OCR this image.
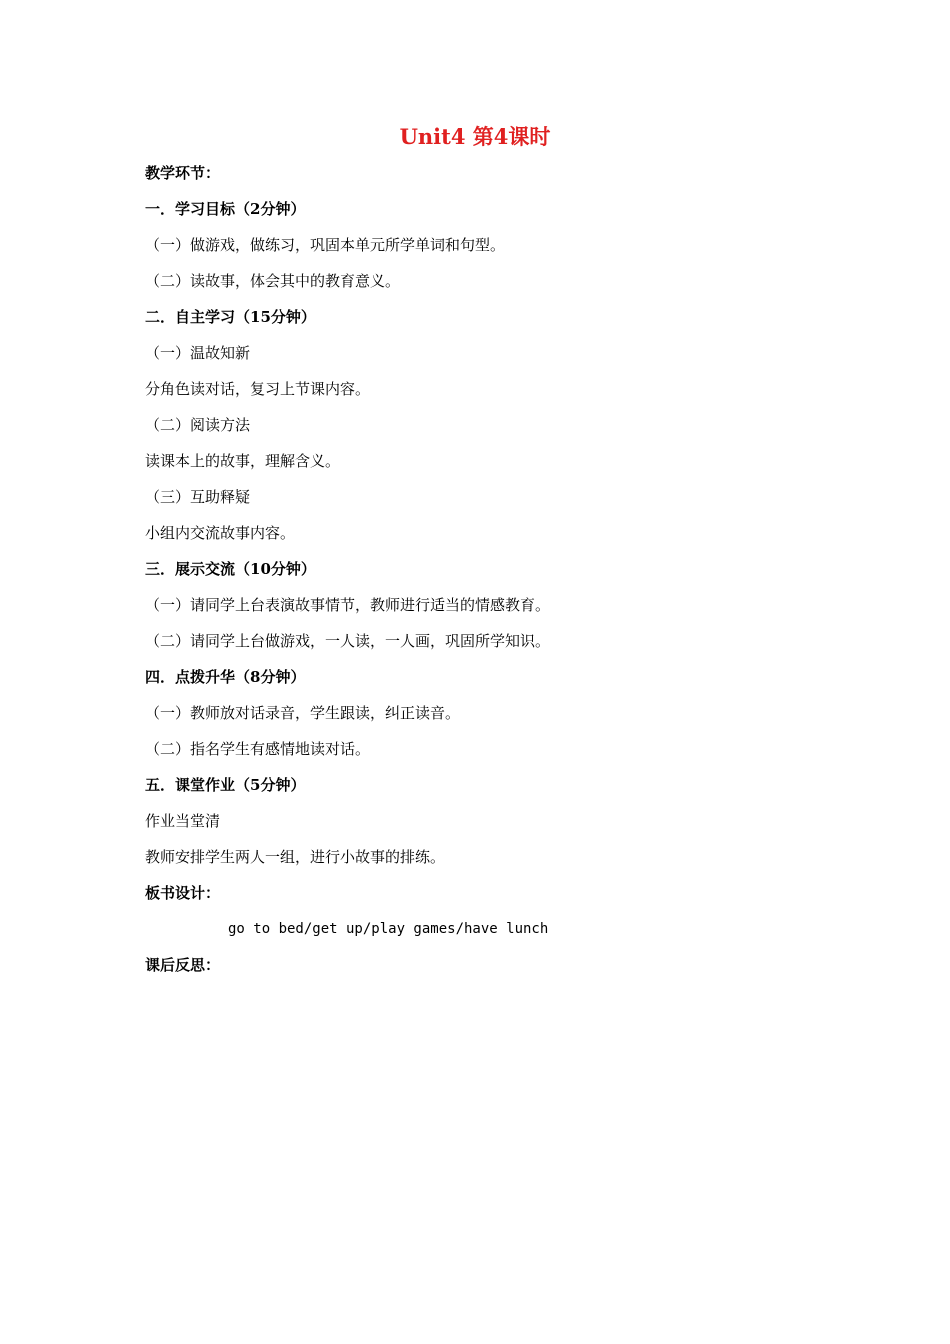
Unit4 第4课时
教学环节：
一．学习目标（2分钟）
（一）做游戏，做练习，巩固本单元所学单词和句型。
（二）读故事，体会其中的教育意义。
二．自主学习（15分钟）
（一）温故知新
分角色读对话，复习上节课内容。
（二）阅读方法
读课本上的故事，理解含义。
（三）互助释疑
小组内交流故事内容。
三．展示交流（10分钟）
（一）请同学上台表演故事情节，教师进行适当的情感教育。
（二）请同学上台做游戏，一人读，一人画，巩固所学知识。
四．点拨升华（8分钟）
（一）教师放对话录音，学生跟读，纠正读音。
（二）指名学生有感情地读对话。
五．课堂作业（5分钟）
作业当堂清
教师安排学生两人一组，进行小故事的排练。
板书设计：
go to bed/get up/play games/have lunch
课后反思：
